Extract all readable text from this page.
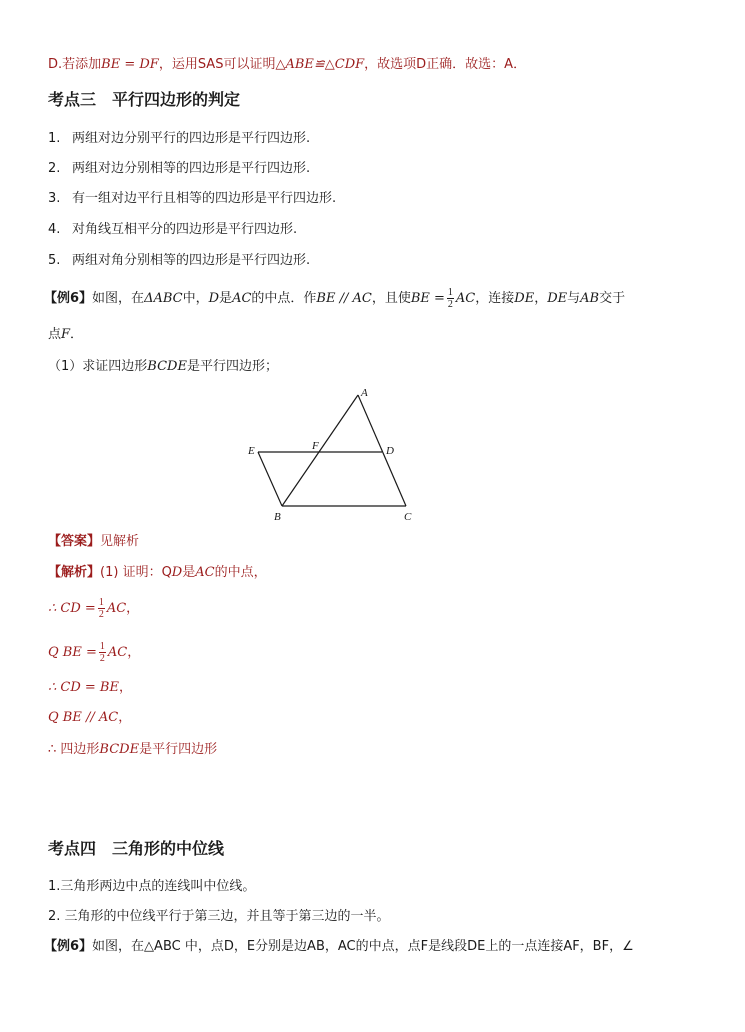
D.若添加BE = DF，运用SAS可以证明△ABE≌△CDF，故选项D正确．故选：A．
考点三 平行四边形的判定
1. 两组对边分别平行的四边形是平行四边形.
2. 两组对边分别相等的四边形是平行四边形.
3. 有一组对边平行且相等的四边形是平行四边形.
4. 对角线互相平分的四边形是平行四边形.
5. 两组对角分别相等的四边形是平行四边形.
【例6】如图，在ΔABC中，D是AC的中点．作BE // AC，且使BE = $\frac{1}{2}$ AC，连接DE，DE与AB交于
点F．
（1）求证四边形BCDE是平行四边形；
A
E	F	D
B	C
【答案】见解析
【解析】(1) 证明：QD是AC的中点，
∴ CD = $\frac{1}{2}$ AC，
Q BE = $\frac{1}{2}$ AC，
∴ CD = BE，
Q BE // AC，
∴ 四边形BCDE是平行四边形
考点四 三角形的中位线
1.三角形两边中点的连线叫中位线。
2. 三角形的中位线平行于第三边，并且等于第三边的一半。
【例6】如图，在△ABC 中，点D，E分别是边AB，AC的中点，点F是线段DE上的一点连接AF，BF，∠
